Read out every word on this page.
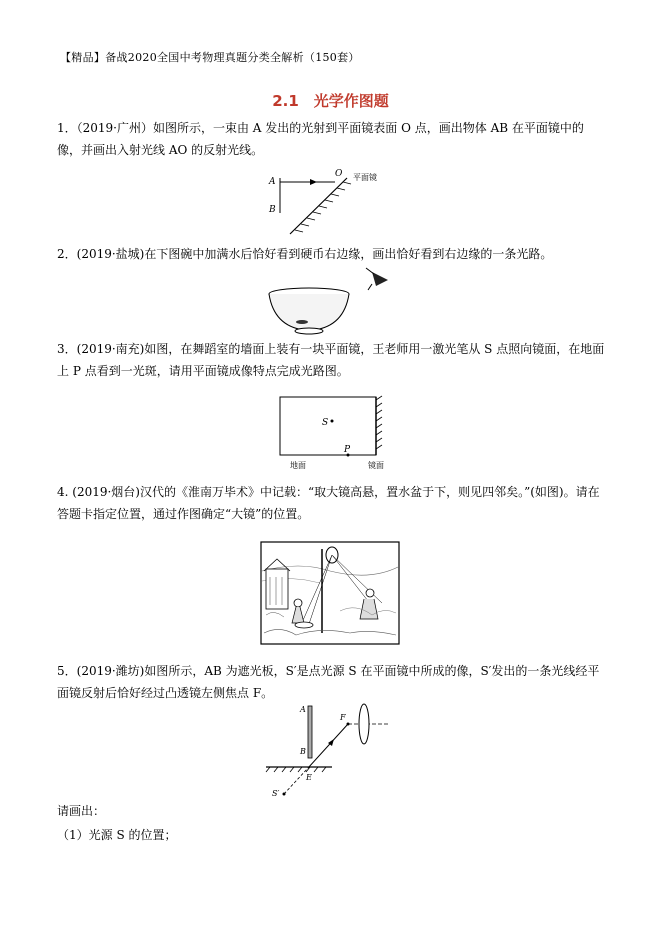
【精品】备战2020全国中考物理真题分类全解析（150套）
2.1　光学作图题
1．（2019·广州）如图所示，一束由 A 发出的光射到平面镜表面 O 点，画出物体 AB 在平面镜中的像，并画出入射光线 AO 的反射光线。
A
B
O 平面镜
2．(2019·盐城)在下图碗中加满水后恰好看到硬币右边缘，画出恰好看到右边缘的一条光路。
3．(2019·南充)如图，在舞蹈室的墙面上装有一块平面镜，王老师用一激光笔从 S 点照向镜面，在地面上 P 点看到一光斑，请用平面镜成像特点完成光路图。
S
P
地面	镜面
4. (2019·烟台)汉代的《淮南万毕术》中记载：“取大镜高悬，置水盆于下，则见四邻矣。”(如图)。请在答题卡指定位置，通过作图确定“大镜”的位置。
5．(2019·潍坊)如图所示，AB 为遮光板，S′是点光源 S 在平面镜中所成的像，S′发出的一条光线经平面镜反射后恰好经过凸透镜左侧焦点 F。
A
B
F
E
S′
请画出：
（1）光源 S 的位置；
